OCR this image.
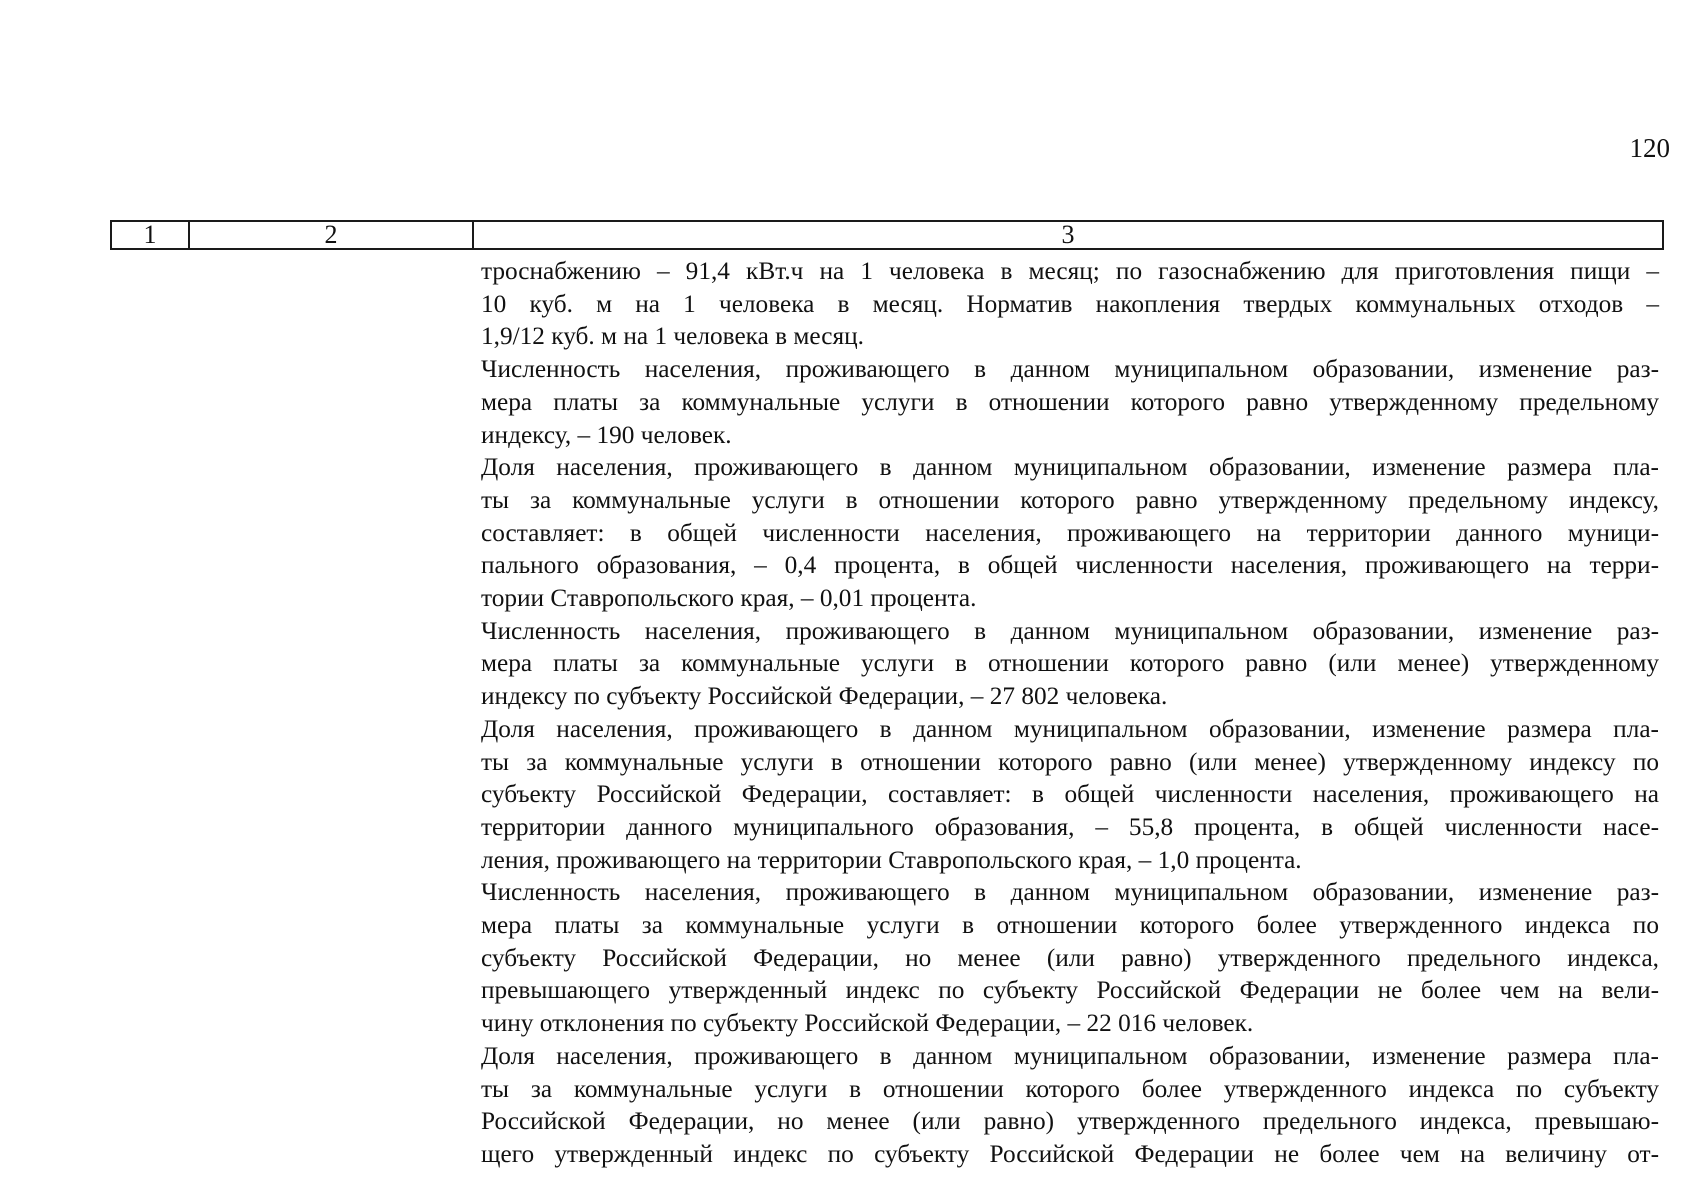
120
1	2	3

троснабжению – 91,4 кВт.ч на 1 человека в месяц; по газоснабжению для приготовления пищи –
10 куб. м на 1 человека в месяц. Норматив накопления твердых коммунальных отходов –
1,9/12 куб. м на 1 человека в месяц.

Численность населения, проживающего в данном муниципальном образовании, изменение раз-
мера платы за коммунальные услуги в отношении которого равно утвержденному предельному
индексу, – 190 человек.

Доля населения, проживающего в данном муниципальном образовании, изменение размера пла-
ты за коммунальные услуги в отношении которого равно утвержденному предельному индексу,
составляет: в общей численности населения, проживающего на территории данного муници-
пального образования, – 0,4 процента, в общей численности населения, проживающего на терри-
тории Ставропольского края, – 0,01 процента.

Численность населения, проживающего в данном муниципальном образовании, изменение раз-
мера платы за коммунальные услуги в отношении которого равно (или менее) утвержденному
индексу по субъекту Российской Федерации, – 27 802 человека.

Доля населения, проживающего в данном муниципальном образовании, изменение размера пла-
ты за коммунальные услуги в отношении которого равно (или менее) утвержденному индексу по
субъекту Российской Федерации, составляет: в общей численности населения, проживающего на
территории данного муниципального образования, – 55,8 процента, в общей численности насе-
ления, проживающего на территории Ставропольского края, – 1,0 процента.

Численность населения, проживающего в данном муниципальном образовании, изменение раз-
мера платы за коммунальные услуги в отношении которого более утвержденного индекса по
субъекту Российской Федерации, но менее (или равно) утвержденного предельного индекса,
превышающего утвержденный индекс по субъекту Российской Федерации не более чем на вели-
чину отклонения по субъекту Российской Федерации, – 22 016 человек.

Доля населения, проживающего в данном муниципальном образовании, изменение размера пла-
ты за коммунальные услуги в отношении которого более утвержденного индекса по субъекту
Российской Федерации, но менее (или равно) утвержденного предельного индекса, превышаю-
щего утвержденный индекс по субъекту Российской Федерации не более чем на величину от-
